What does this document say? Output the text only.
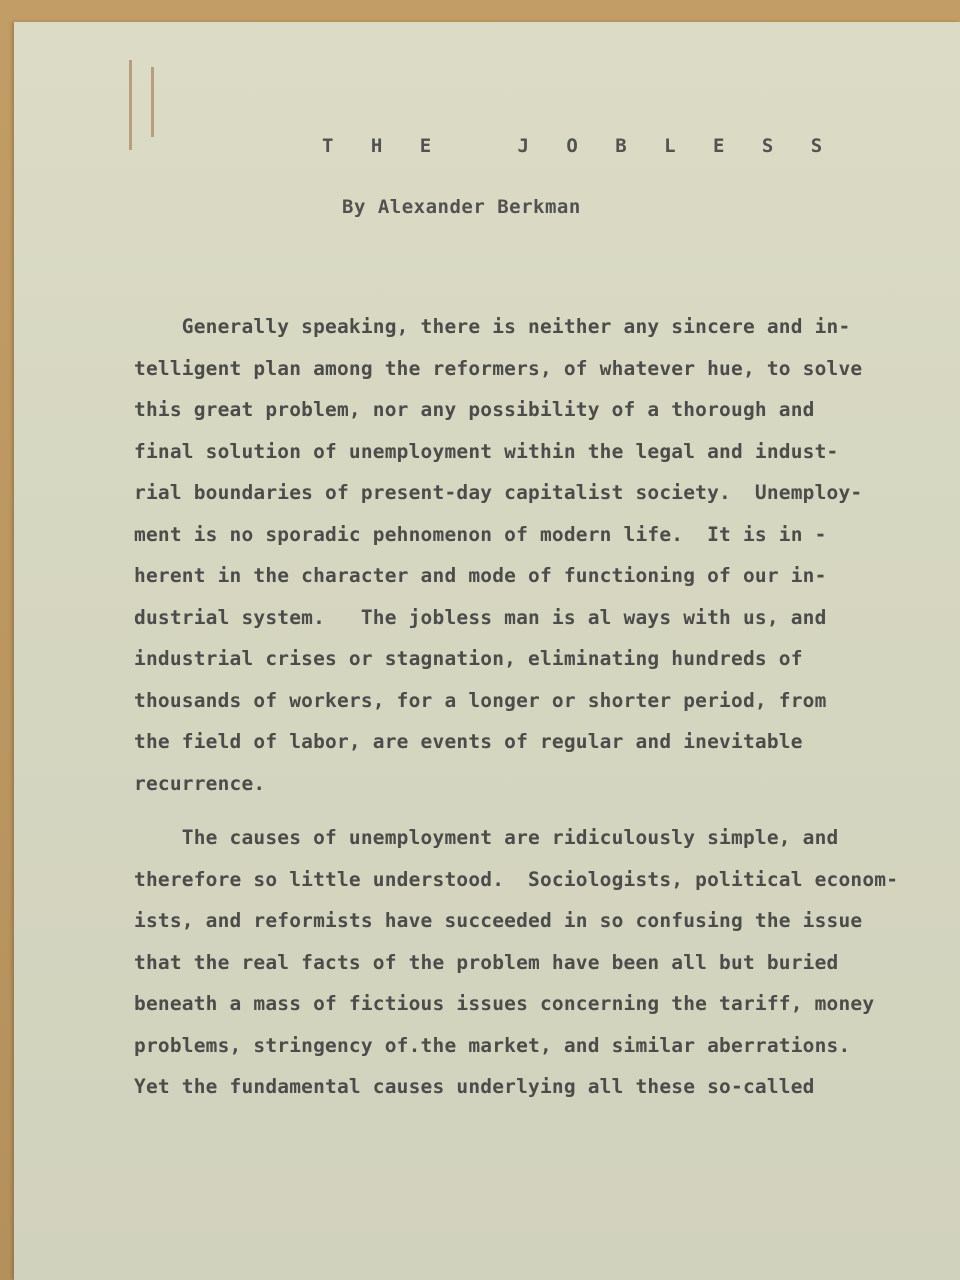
T H E   J O B L E S S
By Alexander Berkman
Generally speaking, there is neither any sincere and in-
telligent plan among the reformers, of whatever hue, to solve
this great problem, nor any possibility of a thorough and
final solution of unemployment within the legal and indust-
rial boundaries of present-day capitalist society.  Unemploy-
ment is no sporadic pehnomenon of modern life.  It is in -
herent in the character and mode of functioning of our in-
dustrial system.   The jobless man is al ways with us, and
industrial crises or stagnation, eliminating hundreds of
thousands of workers, for a longer or shorter period, from
the field of labor, are events of regular and inevitable
recurrence.
The causes of unemployment are ridiculously simple, and
therefore so little understood.  Sociologists, political econom-
ists, and reformists have succeeded in so confusing the issue
that the real facts of the problem have been all but buried
beneath a mass of fictious issues concerning the tariff, money
problems, stringency of.the market, and similar aberrations.
Yet the fundamental causes underlying all these so-called
